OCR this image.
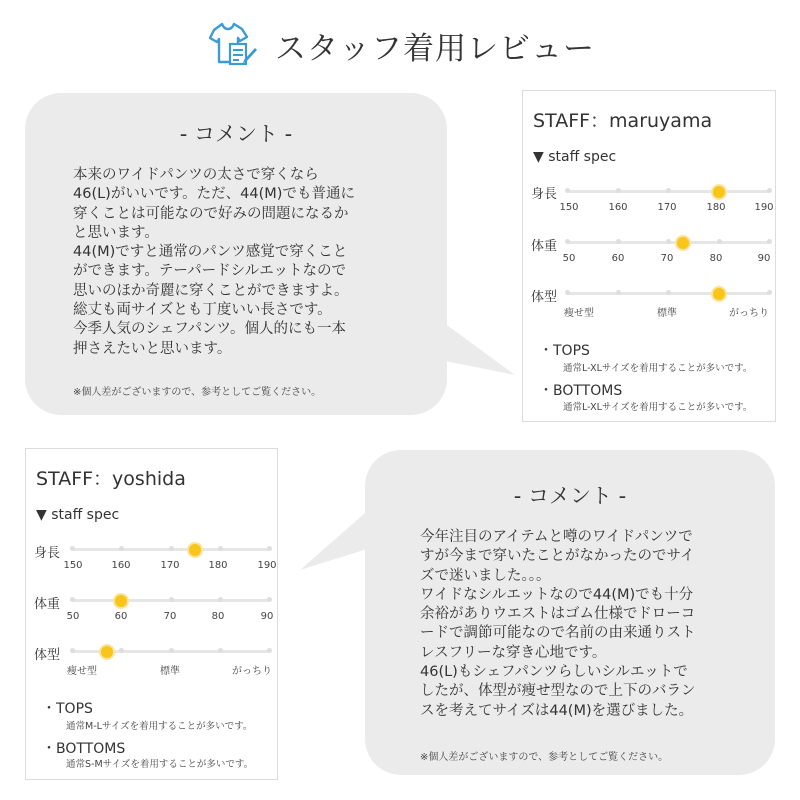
スタッフ着用レビュー
- コメント -
本来のワイドパンツの太さで穿くなら
46(L)がいいです。ただ、44(M)でも普通に
穿くことは可能なので好みの問題になるか
と思います。
44(M)ですと通常のパンツ感覚で穿くこと
ができます。テーパードシルエットなので
思いのほか奇麗に穿くことができますよ。
総丈も両サイズとも丁度いい長さです。
今季人気のシェフパンツ。個人的にも一本
押さえたいと思います。
※個人差がございますので、参考としてご覧ください。
STAFF：maruyama
▼ staff spec
身長
150	160	170	180	190
体重
50	60	70	80	90
体型
痩せ型	標準	がっちり
・TOPS
通常L-XLサイズを着用することが多いです。
・BOTTOMS
通常L-XLサイズを着用することが多いです。
STAFF：yoshida
▼ staff spec
身長
150	160	170	180	190
体重
50	60	70	80	90
体型
痩せ型	標準	がっちり
・TOPS
通常M-Lサイズを着用することが多いです。
・BOTTOMS
通常S-Mサイズを着用することが多いです。
- コメント -
今年注目のアイテムと噂のワイドパンツで
すが今まで穿いたことがなかったのでサイ
ズで迷いました。。。
ワイドなシルエットなので44(M)でも十分
余裕がありウエストはゴム仕様でドローコ
ードで調節可能なので名前の由来通りスト
レスフリーな穿き心地です。
46(L)もシェフパンツらしいシルエットで
したが、体型が痩せ型なので上下のバラン
スを考えてサイズは44(M)を選びました。
※個人差がございますので、参考としてご覧ください。
